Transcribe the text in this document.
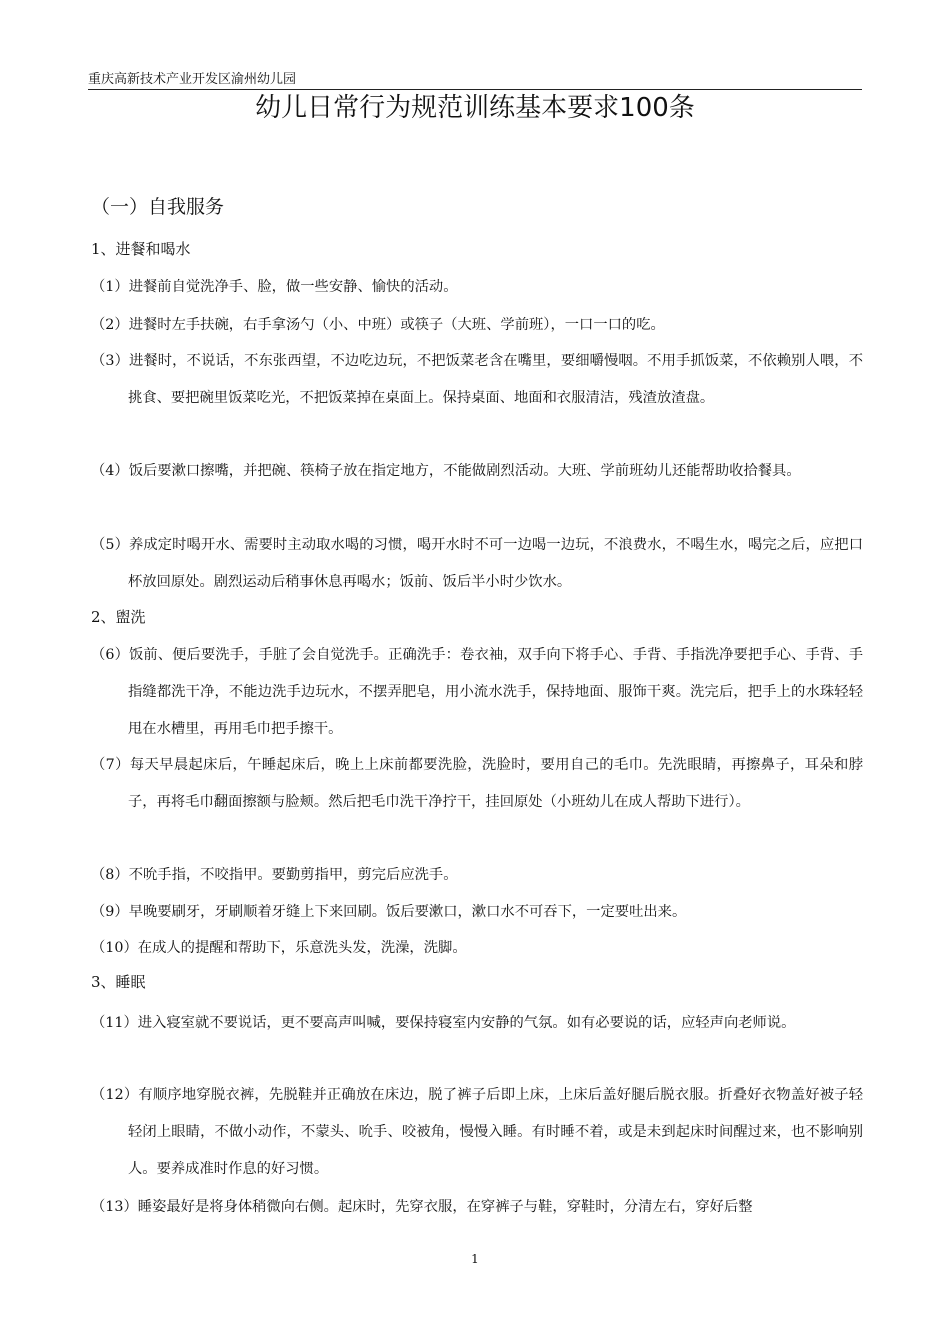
重庆高新技术产业开发区渝州幼儿园
幼儿日常行为规范训练基本要求100条
（一）自我服务
1、进餐和喝水
（1）进餐前自觉洗净手、脸，做一些安静、愉快的活动。
（2）进餐时左手扶碗，右手拿汤勺（小、中班）或筷子（大班、学前班），一口一口的吃。
（3）进餐时，不说话，不东张西望，不边吃边玩，不把饭菜老含在嘴里，要细嚼慢咽。不用手抓饭菜，不依赖别人喂，不挑食、要把碗里饭菜吃光，不把饭菜掉在桌面上。保持桌面、地面和衣服清洁，残渣放渣盘。
（4）饭后要漱口擦嘴，并把碗、筷椅子放在指定地方，不能做剧烈活动。大班、学前班幼儿还能帮助收拾餐具。
（5）养成定时喝开水、需要时主动取水喝的习惯，喝开水时不可一边喝一边玩，不浪费水，不喝生水，喝完之后，应把口杯放回原处。剧烈运动后稍事休息再喝水；饭前、饭后半小时少饮水。
2、盥洗
（6）饭前、便后要洗手，手脏了会自觉洗手。正确洗手：卷衣袖，双手向下将手心、手背、手指洗净要把手心、手背、手指缝都洗干净，不能边洗手边玩水，不摆弄肥皂，用小流水洗手，保持地面、服饰干爽。洗完后，把手上的水珠轻轻甩在水槽里，再用毛巾把手擦干。
（7）每天早晨起床后，午睡起床后，晚上上床前都要洗脸，洗脸时，要用自己的毛巾。先洗眼睛，再擦鼻子，耳朵和脖子，再将毛巾翻面擦额与脸颊。然后把毛巾洗干净拧干，挂回原处（小班幼儿在成人帮助下进行）。
（8）不吮手指，不咬指甲。要勤剪指甲，剪完后应洗手。
（9）早晚要刷牙，牙刷顺着牙缝上下来回刷。饭后要漱口，漱口水不可吞下，一定要吐出来。
（10）在成人的提醒和帮助下，乐意洗头发，洗澡，洗脚。
3、睡眠
（11）进入寝室就不要说话，更不要高声叫喊，要保持寝室内安静的气氛。如有必要说的话，应轻声向老师说。
（12）有顺序地穿脱衣裤，先脱鞋并正确放在床边，脱了裤子后即上床，上床后盖好腿后脱衣服。折叠好衣物盖好被子轻轻闭上眼睛，不做小动作，不蒙头、吮手、咬被角，慢慢入睡。有时睡不着，或是未到起床时间醒过来，也不影响别人。要养成准时作息的好习惯。
（13）睡姿最好是将身体稍微向右侧。起床时，先穿衣服，在穿裤子与鞋，穿鞋时，分清左右，穿好后整
1
